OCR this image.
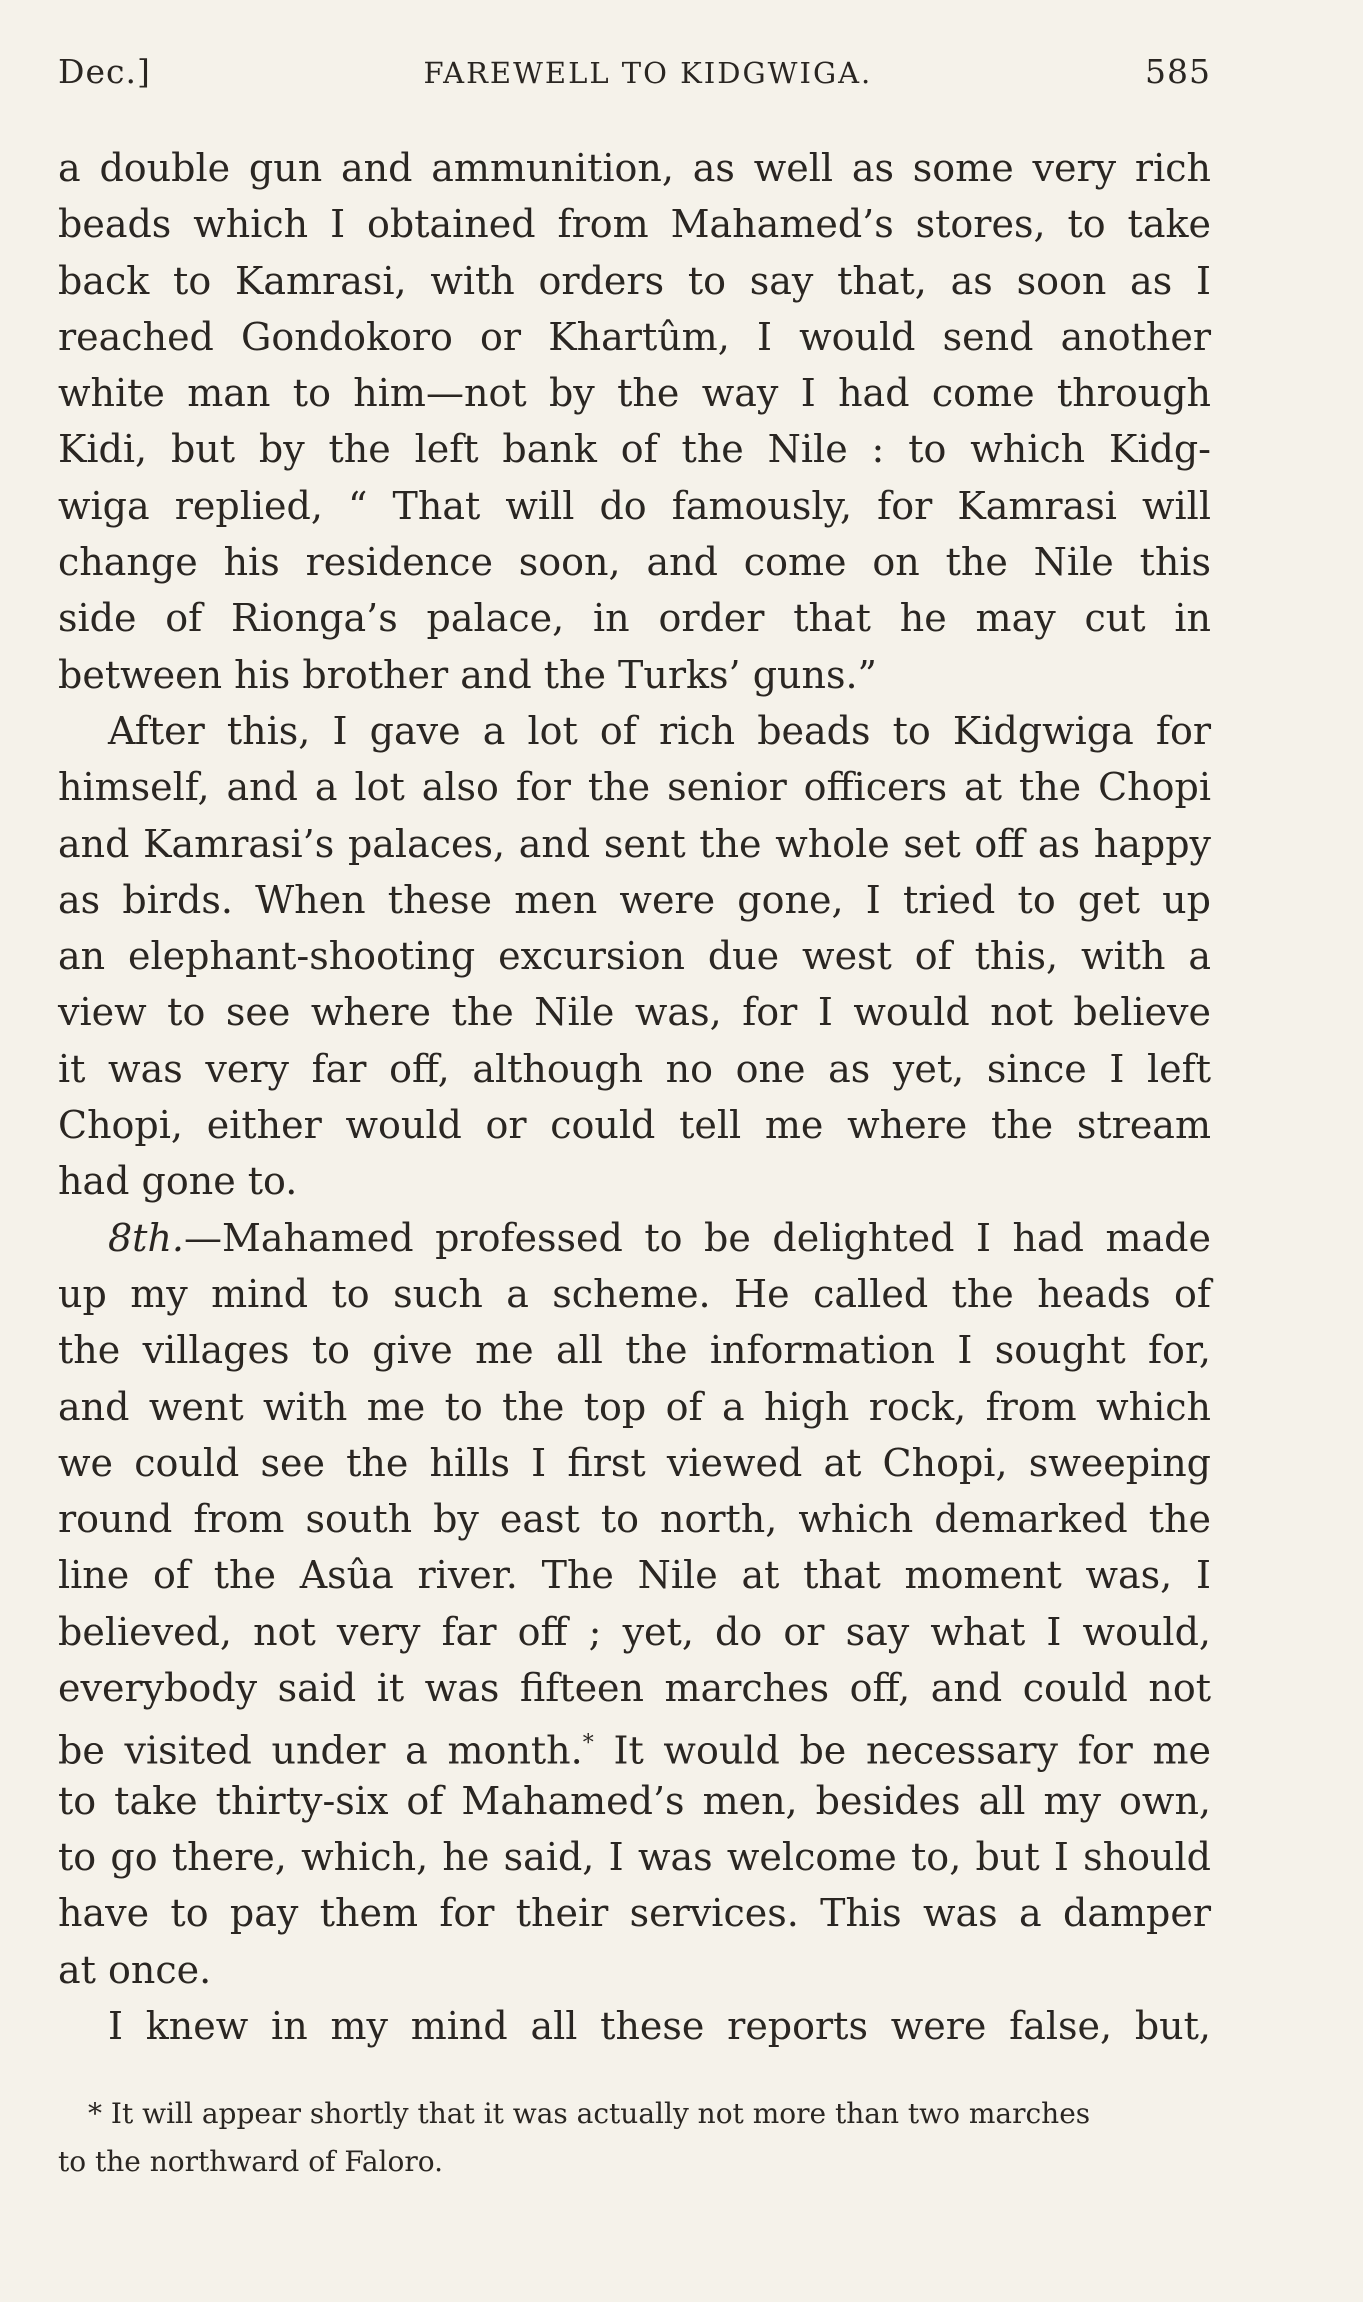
Dec.]	FAREWELL TO KIDGWIGA.	585
a double gun and ammunition, as well as some very rich
beads which I obtained from Mahamed’s stores, to take
back to Kamrasi, with orders to say that, as soon as I
reached Gondokoro or Khartûm, I would send another
white man to him—not by the way I had come through
Kidi, but by the left bank of the Nile : to which Kidg-
wiga replied, “ That will do famously, for Kamrasi will
change his residence soon, and come on the Nile this
side of Rionga’s palace, in order that he may cut in
between his brother and the Turks’ guns.”
After this, I gave a lot of rich beads to Kidgwiga for
himself, and a lot also for the senior officers at the Chopi
and Kamrasi’s palaces, and sent the whole set off as happy
as birds. When these men were gone, I tried to get up
an elephant-shooting excursion due west of this, with a
view to see where the Nile was, for I would not believe
it was very far off, although no one as yet, since I left
Chopi, either would or could tell me where the stream
had gone to.
8th.—Mahamed professed to be delighted I had made
up my mind to such a scheme. He called the heads of
the villages to give me all the information I sought for,
and went with me to the top of a high rock, from which
we could see the hills I first viewed at Chopi, sweeping
round from south by east to north, which demarked the
line of the Asûa river. The Nile at that moment was, I
believed, not very far off ; yet, do or say what I would,
everybody said it was fifteen marches off, and could not
be visited under a month.* It would be necessary for me
to take thirty-six of Mahamed’s men, besides all my own,
to go there, which, he said, I was welcome to, but I should
have to pay them for their services. This was a damper
at once.
I knew in my mind all these reports were false, but,
* It will appear shortly that it was actually not more than two marches
to the northward of Faloro.
